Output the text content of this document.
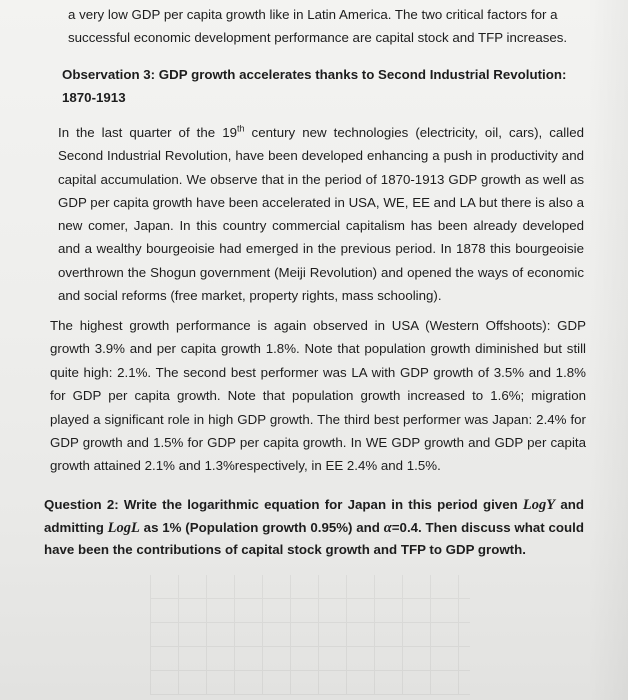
a very low GDP per capita growth like in Latin America. The two critical factors for a
successful economic development performance are capital stock and TFP increases.
Observation 3: GDP growth accelerates thanks to Second Industrial Revolution:
1870-1913

In the last quarter of the 19th century new technologies (electricity, oil, cars), called Second Industrial Revolution, have been developed enhancing a push in productivity and capital accumulation. We observe that in the period of 1870-1913 GDP growth as well as GDP per capita growth have been accelerated in USA, WE, EE and LA but there is also a new comer, Japan. In this country commercial capitalism has been already developed and a wealthy bourgeoisie had emerged in the previous period. In 1878 this bourgeoisie overthrown the Shogun government (Meiji Revolution) and opened the ways of economic and social reforms (free market, property rights, mass schooling).

The highest growth performance is again observed in USA (Western Offshoots): GDP growth 3.9% and per capita growth 1.8%. Note that population growth diminished but still quite high: 2.1%. The second best performer was LA with GDP growth of 3.5% and 1.8% for GDP per capita growth. Note that population growth increased to 1.6%; migration played a significant role in high GDP growth. The third best performer was Japan: 2.4% for GDP growth and 1.5% for GDP per capita growth. In WE GDP growth and GDP per capita growth attained 2.1% and 1.3%respectively, in EE 2.4% and 1.5%.

Question 2: Write the logarithmic equation for Japan in this period given LogY and admitting LogL as 1% (Population growth 0.95%) and α=0.4. Then discuss what could have been the contributions of capital stock growth and TFP to GDP growth.
